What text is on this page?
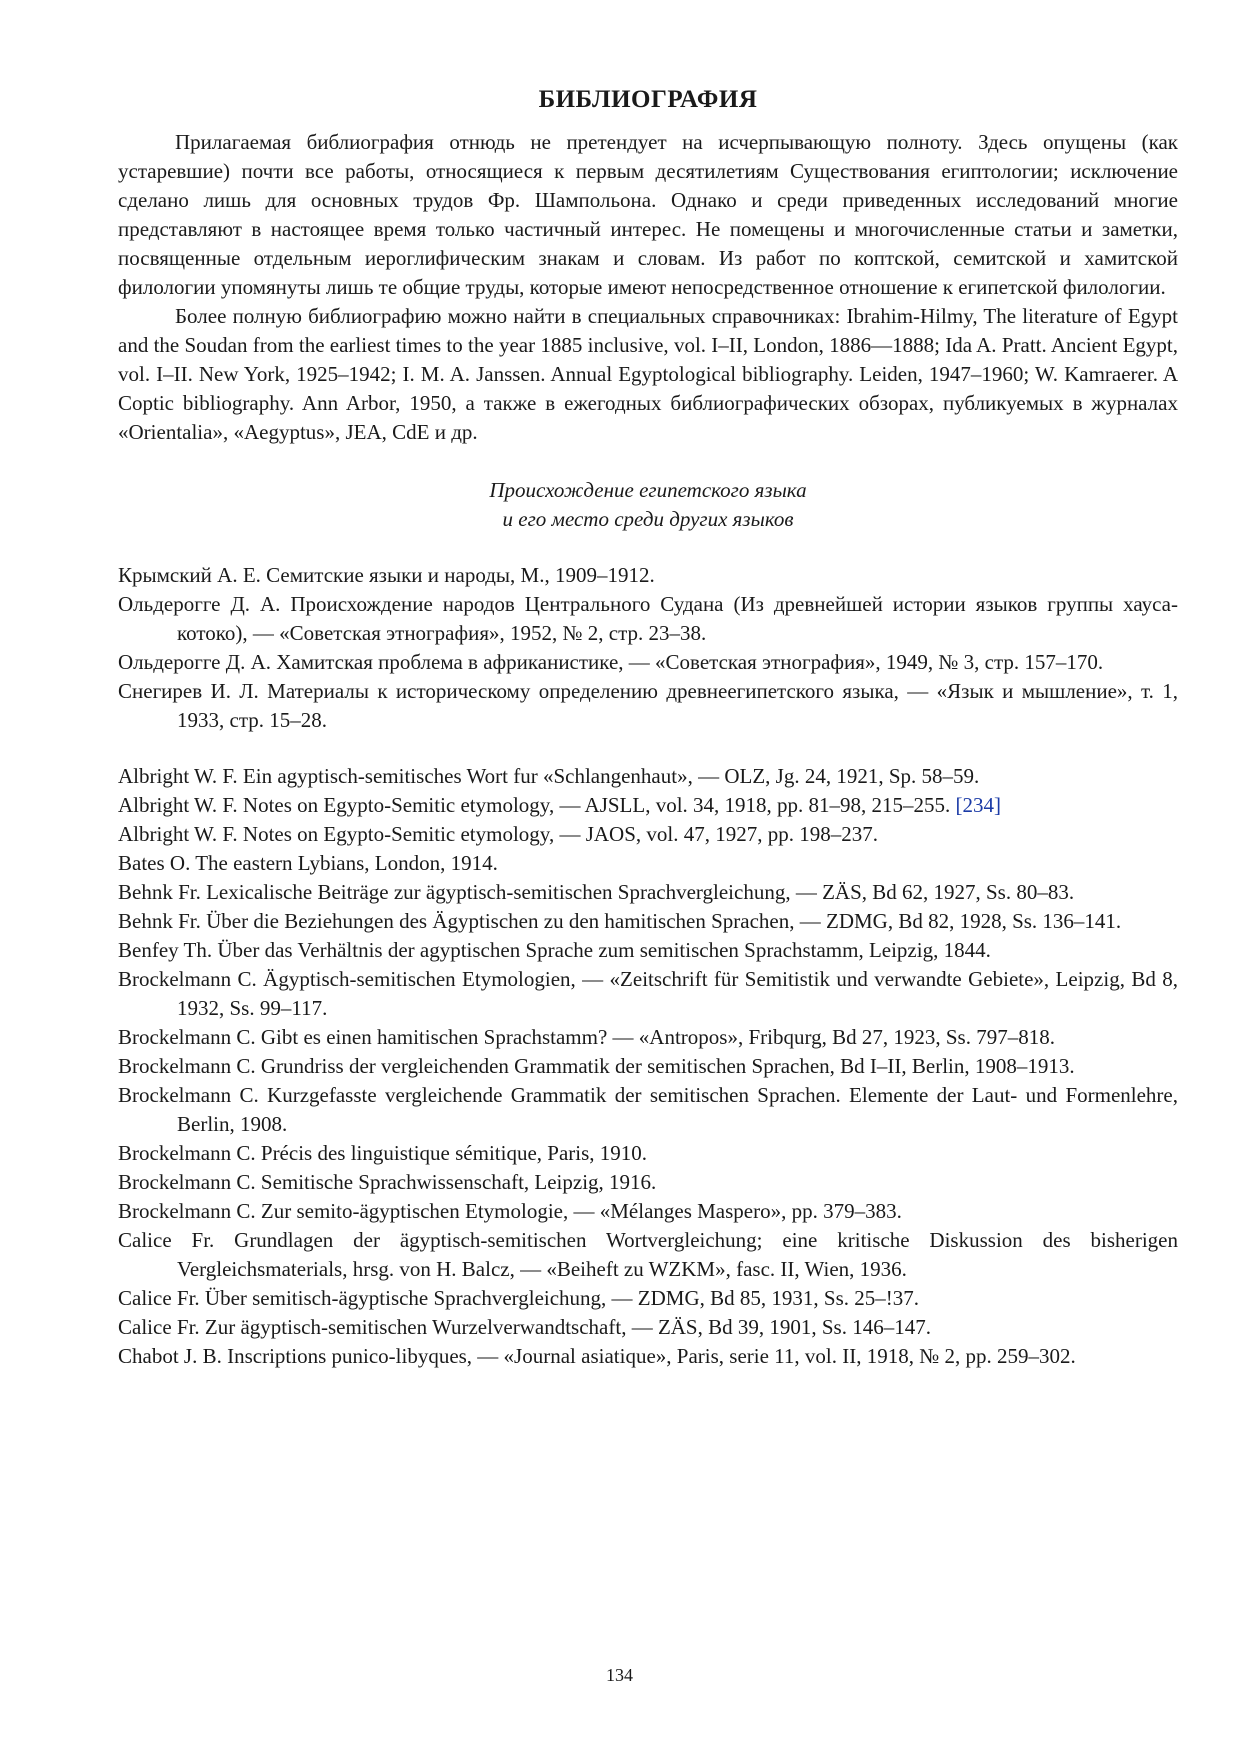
БИБЛИОГРАФИЯ

Прилагаемая библиография отнюдь не претендует на исчерпывающую полноту. Здесь опущены (как устаревшие) почти все работы, относящиеся к первым десятилетиям Существования египтологии; исключение сделано лишь для основных трудов Фр. Шампольона. Однако и среди приведенных исследований многие представляют в настоящее время только частичный интерес. Не помещены и многочисленные статьи и заметки, посвященные отдельным иероглифическим знакам и словам. Из работ по коптской, семитской и хамитской филологии упомянуты лишь те общие труды, которые имеют непосредственное отношение к египетской филологии.

Более полную библиографию можно найти в специальных справочниках: Ibrahim-Hilmy, The literature of Egypt and the Soudan from the earliest times to the year 1885 inclusive, vol. I–II, London, 1886—1888; Ida A. Pratt. Ancient Egypt, vol. I–II. New York, 1925–1942; I. M. A. Janssen. Annual Egyptological bibliography. Leiden, 1947–1960; W. Kamraerer. A Coptic bibliography. Ann Arbor, 1950, а также в ежегодных библиографических обзорах, публикуемых в журналах «Orientalia», «Aegyptus», JEA, CdE и др.

Происхождение египетского языка
и его место среди других языков
Крымский А. Е. Семитские языки и народы, М., 1909–1912.
Ольдерогге Д. А. Происхождение народов Центрального Судана (Из древнейшей истории языков группы хауса-котоко), — «Советская этнография», 1952, № 2, стр. 23–38.
Ольдерогге Д. А. Хамитская проблема в африканистике, — «Советская этнография», 1949, № 3, стр. 157–170.
Снегирев И. Л. Материалы к историческому определению древнеегипетского языка, — «Язык и мышление», т. 1, 1933, стр. 15–28.
Albright W. F. Ein agyptisch-semitisches Wort fur «Schlangenhaut», — OLZ, Jg. 24, 1921, Sp. 58–59.
Albright W. F. Notes on Egypto-Semitic etymology, — AJSLL, vol. 34, 1918, pp. 81–98, 215–255. [234]
Albright W. F. Notes on Egypto-Semitic etymology, — JAOS, vol. 47, 1927, pp. 198–237.
Bates O. The eastern Lybians, London, 1914.
Behnk Fr. Lexicalische Beiträge zur ägyptisch-semitischen Sprachvergleichung, — ZÄS, Bd 62, 1927, Ss. 80–83.
Behnk Fr. Über die Beziehungen des Ägyptischen zu den hamitischen Sprachen, — ZDMG, Bd 82, 1928, Ss. 136–141.
Benfey Th. Über das Verhältnis der agyptischen Sprache zum semitischen Sprachstamm, Leipzig, 1844.
Brockelmann C. Ägyptisch-semitischen Etymologien, — «Zeitschrift für Semitistik und verwandte Gebiete», Leipzig, Bd 8, 1932, Ss. 99–117.
Brockelmann C. Gibt es einen hamitischen Sprachstamm? — «Antropos», Fribqurg, Bd 27, 1923, Ss. 797–818.
Brockelmann C. Grundriss der vergleichenden Grammatik der semitischen Sprachen, Bd I–II, Berlin, 1908–1913.
Brockelmann C. Kurzgefasste vergleichende Grammatik der semitischen Sprachen. Elemente der Laut- und Formenlehre, Berlin, 1908.
Brockelmann C. Précis des linguistique sémitique, Paris, 1910.
Brockelmann C. Semitische Sprachwissenschaft, Leipzig, 1916.
Brockelmann C. Zur semito-ägyptischen Etymologie, — «Mélanges Maspero», pp. 379–383.
Calice Fr. Grundlagen der ägyptisch-semitischen Wortvergleichung; eine kritische Diskussion des bisherigen Vergleichsmaterials, hrsg. von H. Balcz, — «Beiheft zu WZKM», fasc. II, Wien, 1936.
Calice Fr. Über semitisch-ägyptische Sprachvergleichung, — ZDMG, Bd 85, 1931, Ss. 25–!37.
Calice Fr. Zur ägyptisch-semitischen Wurzelverwandtschaft, — ZÄS, Bd 39, 1901, Ss. 146–147.
Chabot J. B. Inscriptions punico-libyques, — «Journal asiatique», Paris, serie 11, vol. II, 1918, № 2, pp. 259–302.
134
